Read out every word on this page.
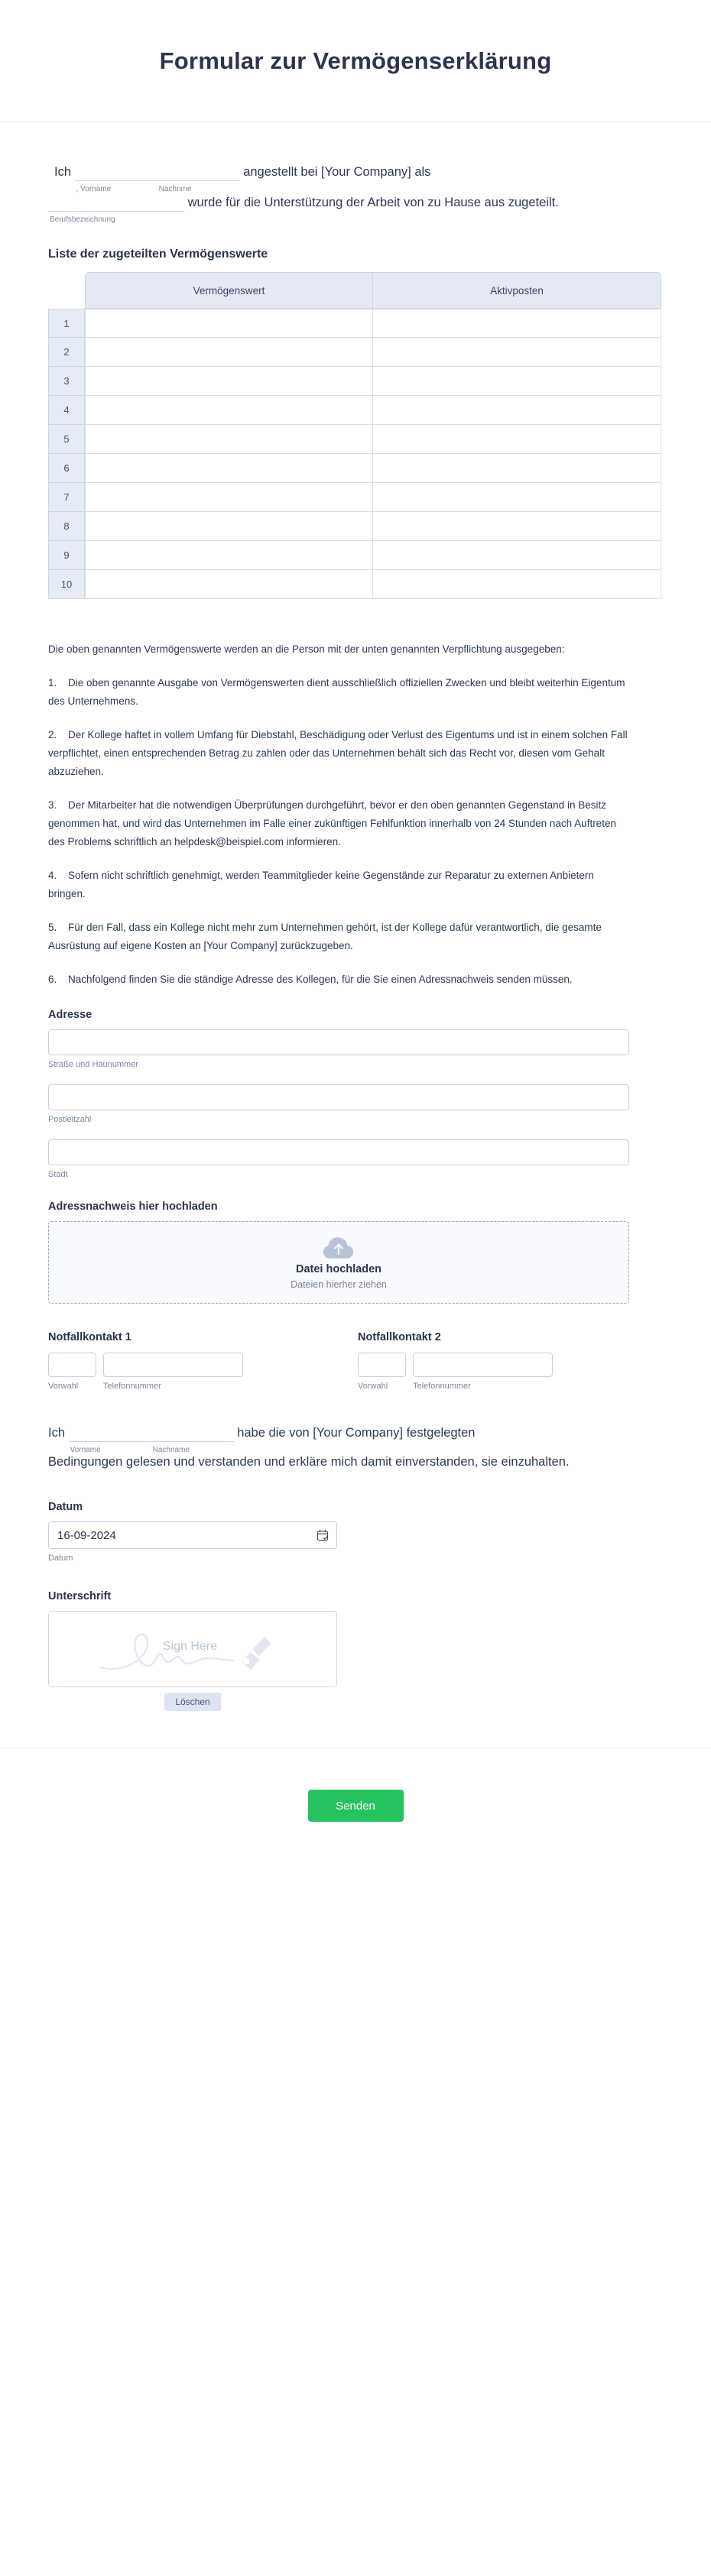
Formular zur Vermögenserklärung
Ich
, Vorname	Nachnme
angestellt bei [Your Company] als
Berufsbezeichnung
wurde für die Unterstützung der Arbeit von zu Hause aus zugeteilt.
Liste der zugeteilten Vermögenswerte
	Vermögenswert	Aktivposten
1		
2		
3		
4		
5		
6		
7		
8		
9		
10		

Die oben genannten Vermögenswerte werden an die Person mit der unten genannten Verpflichtung ausgegeben:

1. Die oben genannte Ausgabe von Vermögenswerten dient ausschließlich offiziellen Zwecken und bleibt weiterhin Eigentum des Unternehmens.

2. Der Kollege haftet in vollem Umfang für Diebstahl, Beschädigung oder Verlust des Eigentums und ist in einem solchen Fall verpflichtet, einen entsprechenden Betrag zu zahlen oder das Unternehmen behält sich das Recht vor, diesen vom Gehalt abzuziehen.

3. Der Mitarbeiter hat die notwendigen Überprüfungen durchgeführt, bevor er den oben genannten Gegenstand in Besitz genommen hat, und wird das Unternehmen im Falle einer zukünftigen Fehlfunktion innerhalb von 24 Stunden nach Auftreten des Problems schriftlich an helpdesk@beispiel.com informieren.

4. Sofern nicht schriftlich genehmigt, werden Teammitglieder keine Gegenstände zur Reparatur zu externen Anbietern bringen.

5. Für den Fall, dass ein Kollege nicht mehr zum Unternehmen gehört, ist der Kollege dafür verantwortlich, die gesamte Ausrüstung auf eigene Kosten an [Your Company] zurückzugeben.

6. Nachfolgend finden Sie die ständige Adresse des Kollegen, für die Sie einen Adressnachweis senden müssen.

Adresse
Straße und Haunummer
Postleitzahl
Stadt
Adressnachweis hier hochladen
Datei hochladen
Dateien hierher ziehen
Notfallkontakt 1
Vorwahl	Telefonnummer
Notfallkontakt 2
Vorwahl	Telefonnummer
Ich
Vorname	Nachname
habe die von [Your Company] festgelegten
Bedingungen gelesen und verstanden und erkläre mich damit einverstanden, sie einzuhalten.
Datum
16-09-2024
Datum
Unterschrift
Sign Here
Löschen
Senden
